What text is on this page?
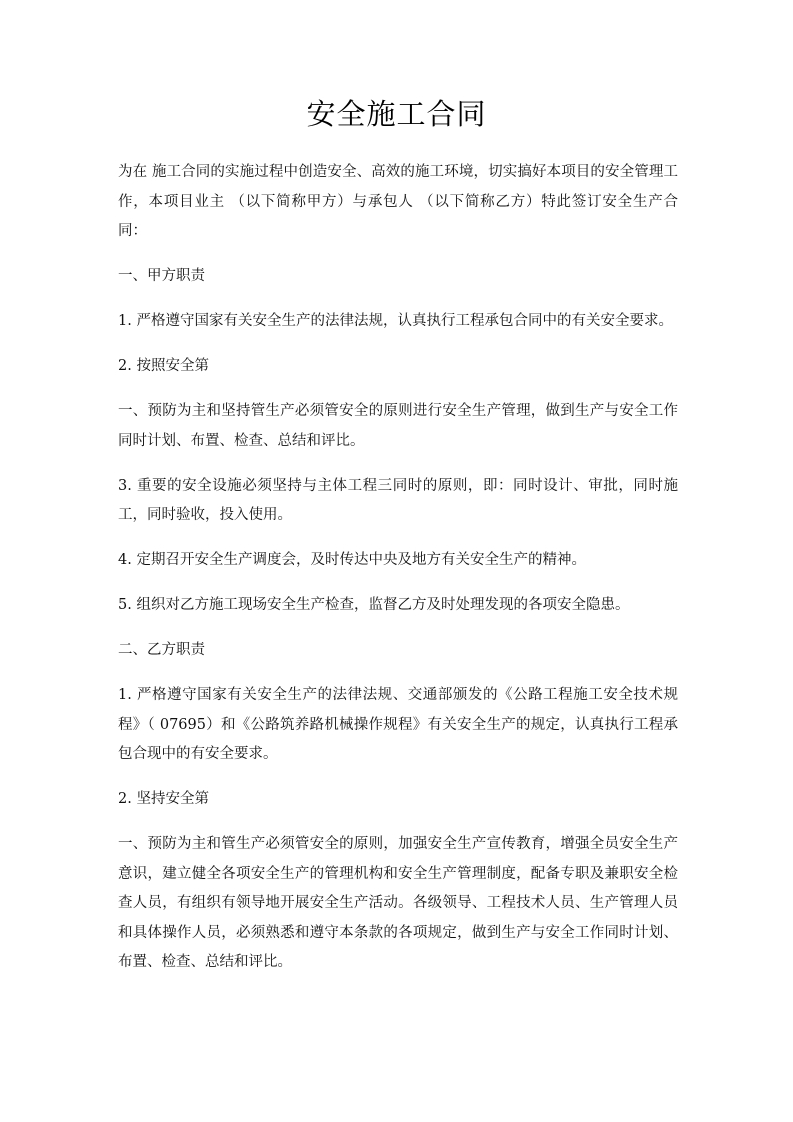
安全施工合同

为在 施工合同的实施过程中创造安全、高效的施工环境，切实搞好本项目的安全管理工作，本项目业主 （以下简称甲方）与承包人 （以下简称乙方）特此签订安全生产合同：

一、甲方职责

1. 严格遵守国家有关安全生产的法律法规，认真执行工程承包合同中的有关安全要求。

2. 按照安全第

一、预防为主和坚持管生产必须管安全的原则进行安全生产管理，做到生产与安全工作同时计划、布置、检查、总结和评比。

3. 重要的安全设施必须坚持与主体工程三同时的原则，即：同时设计、审批，同时施工，同时验收，投入使用。

4. 定期召开安全生产调度会，及时传达中央及地方有关安全生产的精神。

5. 组织对乙方施工现场安全生产检查，监督乙方及时处理发现的各项安全隐患。

二、乙方职责

1. 严格遵守国家有关安全生产的法律法规、交通部颁发的《公路工程施工安全技术规程》（ 07695）和《公路筑养路机械操作规程》有关安全生产的规定，认真执行工程承包合现中的有安全要求。

2. 坚持安全第

一、预防为主和管生产必须管安全的原则，加强安全生产宣传教育，增强全员安全生产意识，建立健全各项安全生产的管理机构和安全生产管理制度，配备专职及兼职安全检查人员，有组织有领导地开展安全生产活动。各级领导、工程技术人员、生产管理人员和具体操作人员，必须熟悉和遵守本条款的各项规定，做到生产与安全工作同时计划、布置、检查、总结和评比。
